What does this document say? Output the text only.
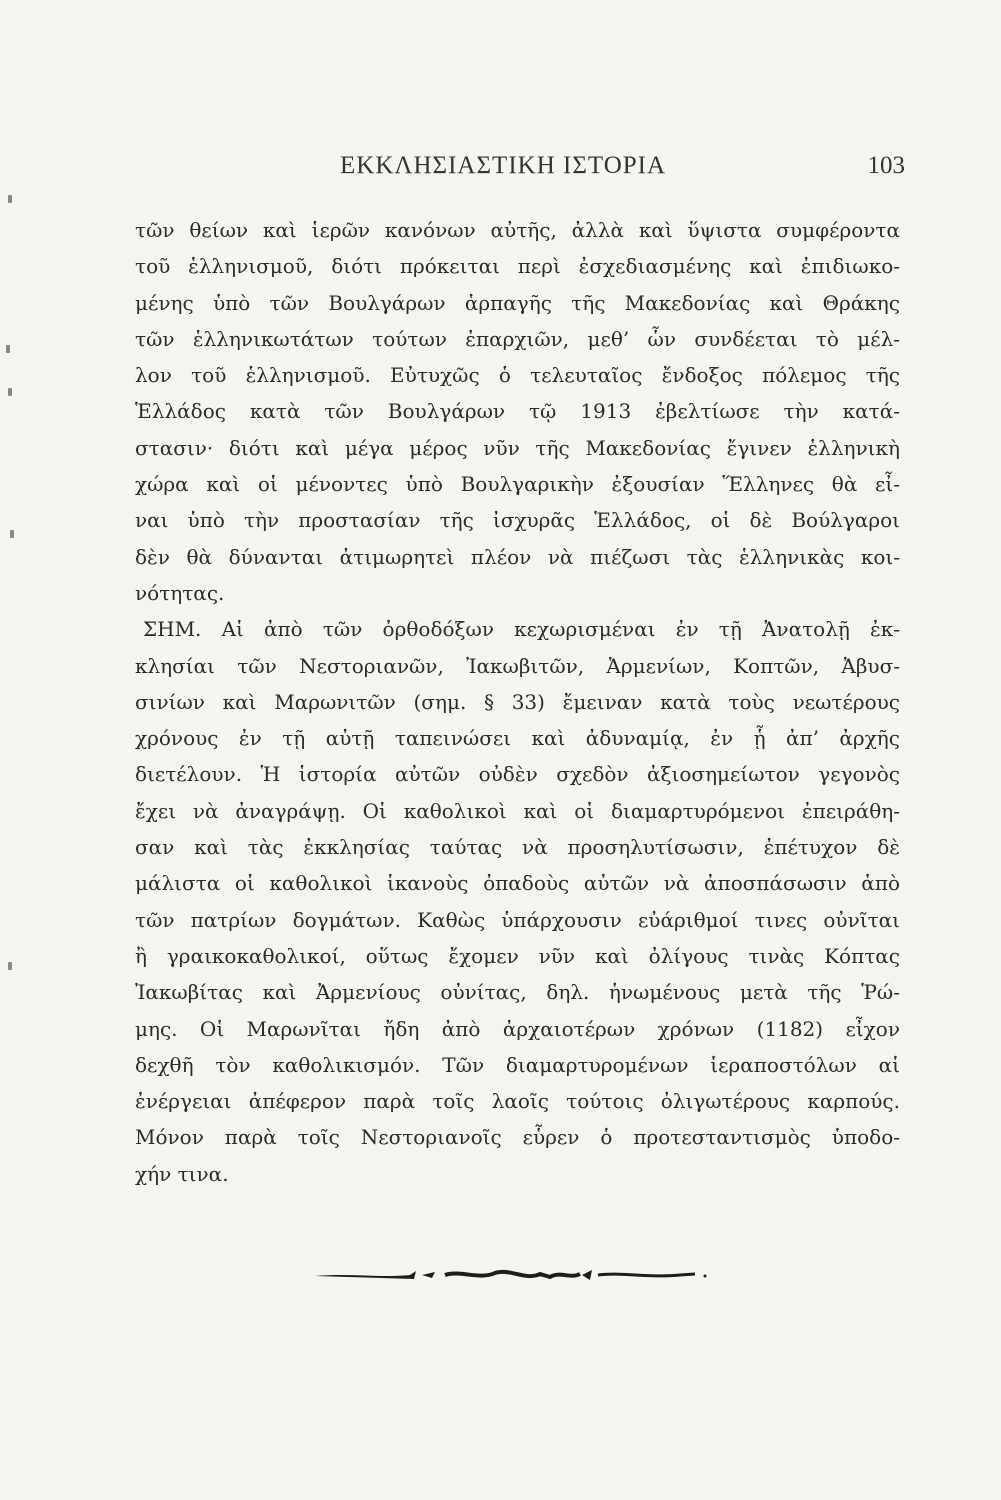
ΕΚΚΛΗΣΙΑΣΤΙΚΗ ΙΣΤΟΡΙΑ	103
τῶν θείων καὶ ἱερῶν κανόνων αὐτῆς, ἀλλὰ καὶ ὕψιστα συμφέροντα
τοῦ ἑλληνισμοῦ, διότι πρόκειται περὶ ἐσχεδιασμένης καὶ ἐπιδιωκο-
μένης ὑπὸ τῶν Βουλγάρων ἁρπαγῆς τῆς Μακεδονίας καὶ Θράκης
τῶν ἑλληνικωτάτων τούτων ἐπαρχιῶν, μεθ’ ὧν συνδέεται τὸ μέλ-
λον τοῦ ἑλληνισμοῦ. Εὐτυχῶς ὁ τελευταῖος ἔνδοξος πόλεμος τῆς
Ἑλλάδος κατὰ τῶν Βουλγάρων τῷ 1913 ἐβελτίωσε τὴν κατά-
στασιν· διότι καὶ μέγα μέρος νῦν τῆς Μακεδονίας ἔγινεν ἑλληνικὴ
χώρα καὶ οἱ μένοντες ὑπὸ Βουλγαρικὴν ἐξουσίαν Ἕλληνες θὰ εἶ-
ναι ὑπὸ τὴν προστασίαν τῆς ἰσχυρᾶς Ἑλλάδος, οἱ δὲ Βούλγαροι
δὲν θὰ δύνανται ἀτιμωρητεὶ πλέον νὰ πιέζωσι τὰς ἑλληνικὰς κοι-
νότητας.
ΣΗΜ. Αἱ ἀπὸ τῶν ὀρθοδόξων κεχωρισμέναι ἐν τῇ Ἀνατολῇ ἐκ-
κλησίαι τῶν Νεστοριανῶν, Ἰακωβιτῶν, Ἀρμενίων, Κοπτῶν, Ἀβυσ-
σινίων καὶ Μαρωνιτῶν (σημ. § 33) ἔμειναν κατὰ τοὺς νεωτέρους
χρόνους ἐν τῇ αὐτῇ ταπεινώσει καὶ ἀδυναμίᾳ, ἐν ᾗ ἀπ’ ἀρχῆς
διετέλουν. Ἡ ἱστορία αὐτῶν οὐδὲν σχεδὸν ἀξιοσημείωτον γεγονὸς
ἔχει νὰ ἀναγράψῃ. Οἱ καθολικοὶ καὶ οἱ διαμαρτυρόμενοι ἐπειράθη-
σαν καὶ τὰς ἐκκλησίας ταύτας νὰ προσηλυτίσωσιν, ἐπέτυχον δὲ
μάλιστα οἱ καθολικοὶ ἱκανοὺς ὀπαδοὺς αὐτῶν νὰ ἀποσπάσωσιν ἀπὸ
τῶν πατρίων δογμάτων. Καθὼς ὑπάρχουσιν εὐάριθμοί τινες οὐνῖται
ἢ γραικοκαθολικοί, οὕτως ἔχομεν νῦν καὶ ὀλίγους τινὰς Κόπτας
Ἰακωβίτας καὶ Ἀρμενίους οὐνίτας, δηλ. ἡνωμένους μετὰ τῆς Ῥώ-
μης. Οἱ Μαρωνῖται ἤδη ἀπὸ ἀρχαιοτέρων χρόνων (1182) εἶχον
δεχθῆ τὸν καθολικισμόν. Τῶν διαμαρτυρομένων ἱεραποστόλων αἱ
ἐνέργειαι ἀπέφερον παρὰ τοῖς λαοῖς τούτοις ὀλιγωτέρους καρπούς.
Μόνον παρὰ τοῖς Νεστοριανοῖς εὗρεν ὁ προτεσταντισμὸς ὑποδο-
χήν τινα.
